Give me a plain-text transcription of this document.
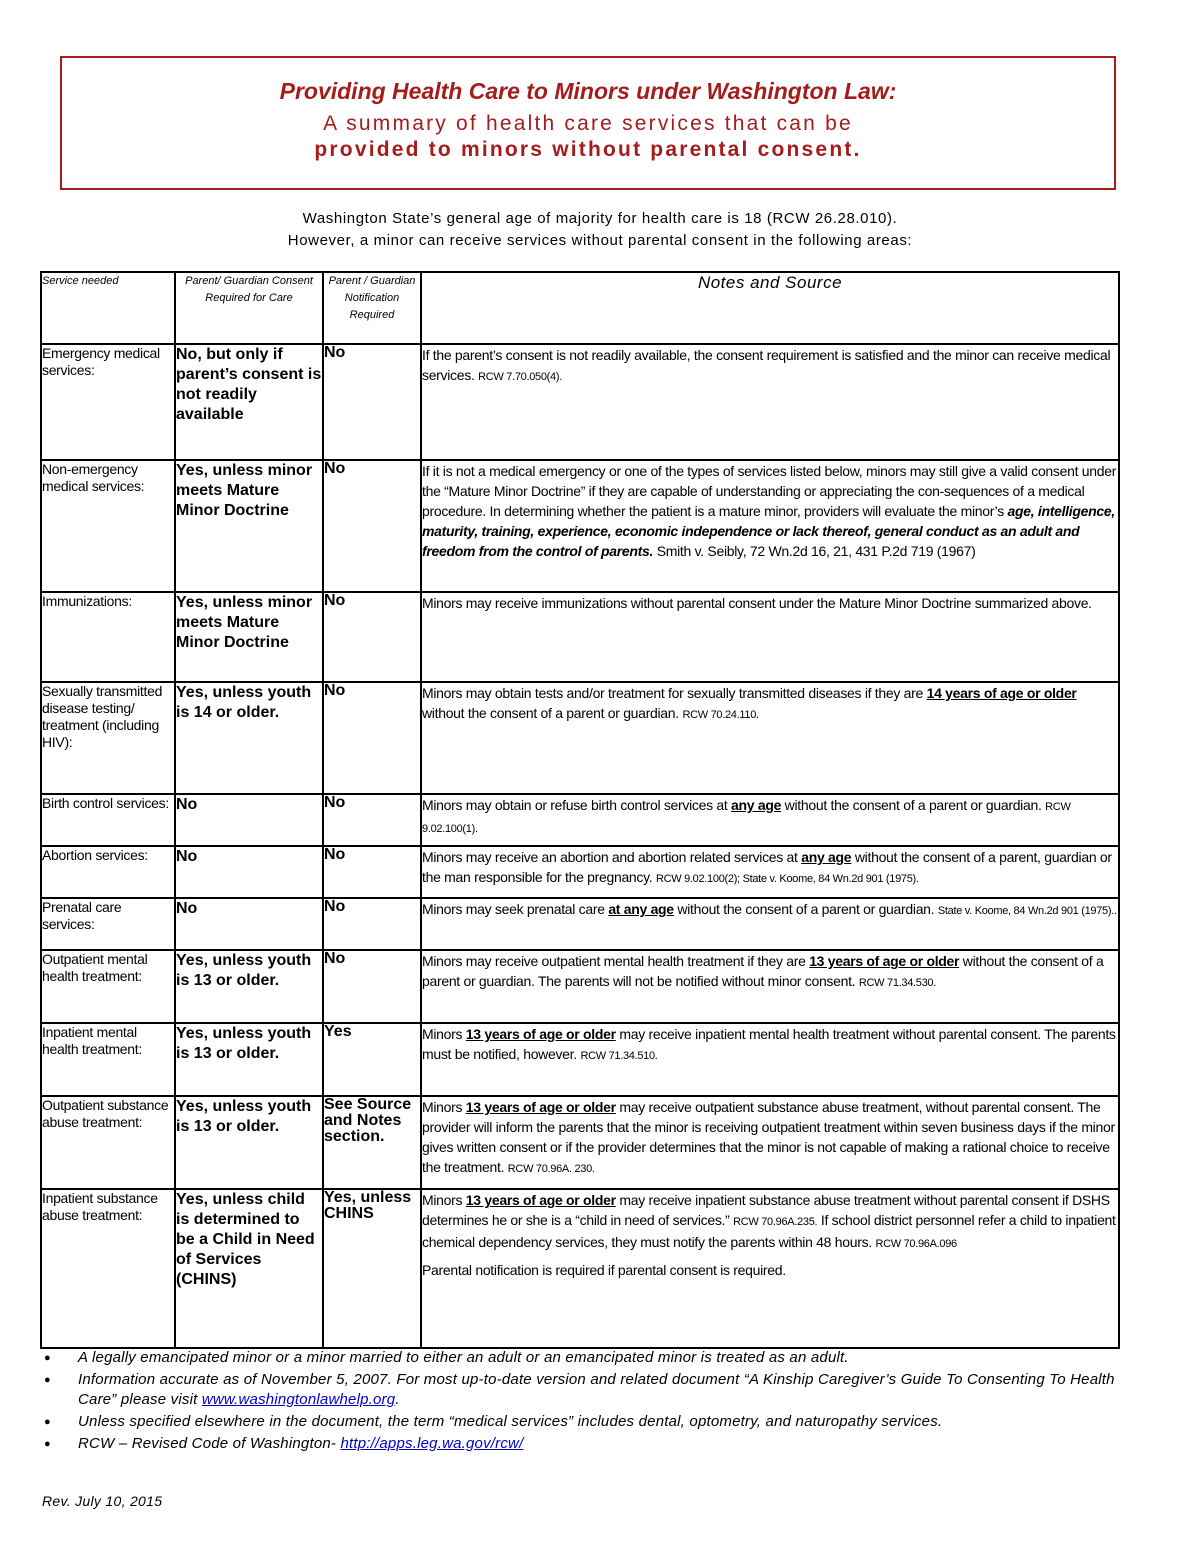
Providing Health Care to Minors under Washington Law:
A summary of health care services that can be
provided to minors without parental consent.
Washington State’s general age of majority for health care is 18 (RCW 26.28.010).
However, a minor can receive services without parental consent in the following areas:
Service needed	Parent/ Guardian Consent Required for Care	Parent / Guardian Notification Required	Notes and Source
Emergency medical services:	No, but only if parent’s consent is not readily available	No	If the parent’s consent is not readily available, the consent requirement is satisfied and the minor can receive medical services. RCW 7.70.050(4).

Non-emergency medical services:	Yes, unless minor meets Mature Minor Doctrine	No	If it is not a medical emergency or one of the types of services listed below, minors may still give a valid consent under the “Mature Minor Doctrine” if they are capable of understanding or appreciating the con-sequences of a medical procedure. In determining whether the patient is a mature minor, providers will evaluate the minor’s age, intelligence, maturity, training, experience, economic independence or lack thereof, general conduct as an adult and freedom from the control of parents. Smith v. Seibly, 72 Wn.2d 16, 21, 431 P.2d 719 (1967)

Immunizations:	Yes, unless minor meets Mature Minor Doctrine	No	Minors may receive immunizations without parental consent under the Mature Minor Doctrine summarized above.

Sexually transmitted disease testing/ treatment (including HIV):	Yes, unless youth is 14 or older.	No	Minors may obtain tests and/or treatment for sexually transmitted diseases if they are 14 years of age or older without the consent of a parent or guardian. RCW 70.24.110.

Birth control services:	No	No	Minors may obtain or refuse birth control services at any age without the consent of a parent or guardian. RCW 9.02.100(1).

Abortion services:	No	No	Minors may receive an abortion and abortion related services at any age without the consent of a parent, guardian or the man responsible for the pregnancy. RCW 9.02.100(2); State v. Koome, 84 Wn.2d 901 (1975).

Prenatal care services:	No	No	Minors may seek prenatal care at any age without the consent of a parent or guardian. State v. Koome, 84 Wn.2d 901 (1975)..

Outpatient mental health treatment:	Yes, unless youth is 13 or older.	No	Minors may receive outpatient mental health treatment if they are 13 years of age or older without the consent of a parent or guardian. The parents will not be notified without minor consent. RCW 71.34.530.

Inpatient mental health treatment:	Yes, unless youth is 13 or older.	Yes	Minors 13 years of age or older may receive inpatient mental health treatment without parental consent. The parents must be notified, however. RCW 71.34.510.

Outpatient substance abuse treatment:	Yes, unless youth is 13 or older.	See Source and Notes section.	Minors 13 years of age or older may receive outpatient substance abuse treatment, without parental consent. The provider will inform the parents that the minor is receiving outpatient treatment within seven business days if the minor gives written consent or if the provider determines that the minor is not capable of making a rational choice to receive the treatment. RCW 70.96A. 230.

Inpatient substance abuse treatment:	Yes, unless child is determined to be a Child in Need of Services (CHINS)	Yes, unless CHINS	Minors 13 years of age or older may receive inpatient substance abuse treatment without parental consent if DSHS determines he or she is a “child in need of services.” RCW 70.96A.235. If school district personnel refer a child to inpatient chemical dependency services, they must notify the parents within 48 hours. RCW 70.96A.096
Parental notification is required if parental consent is required.
● A legally emancipated minor or a minor married to either an adult or an emancipated minor is treated as an adult.
● Information accurate as of November 5, 2007. For most up-to-date version and related document “A Kinship Caregiver’s Guide To Consenting To Health Care” please visit www.washingtonlawhelp.org.
● Unless specified elsewhere in the document, the term “medical services” includes dental, optometry, and naturopathy services.
● RCW – Revised Code of Washington- http://apps.leg.wa.gov/rcw/
Rev. July 10, 2015
